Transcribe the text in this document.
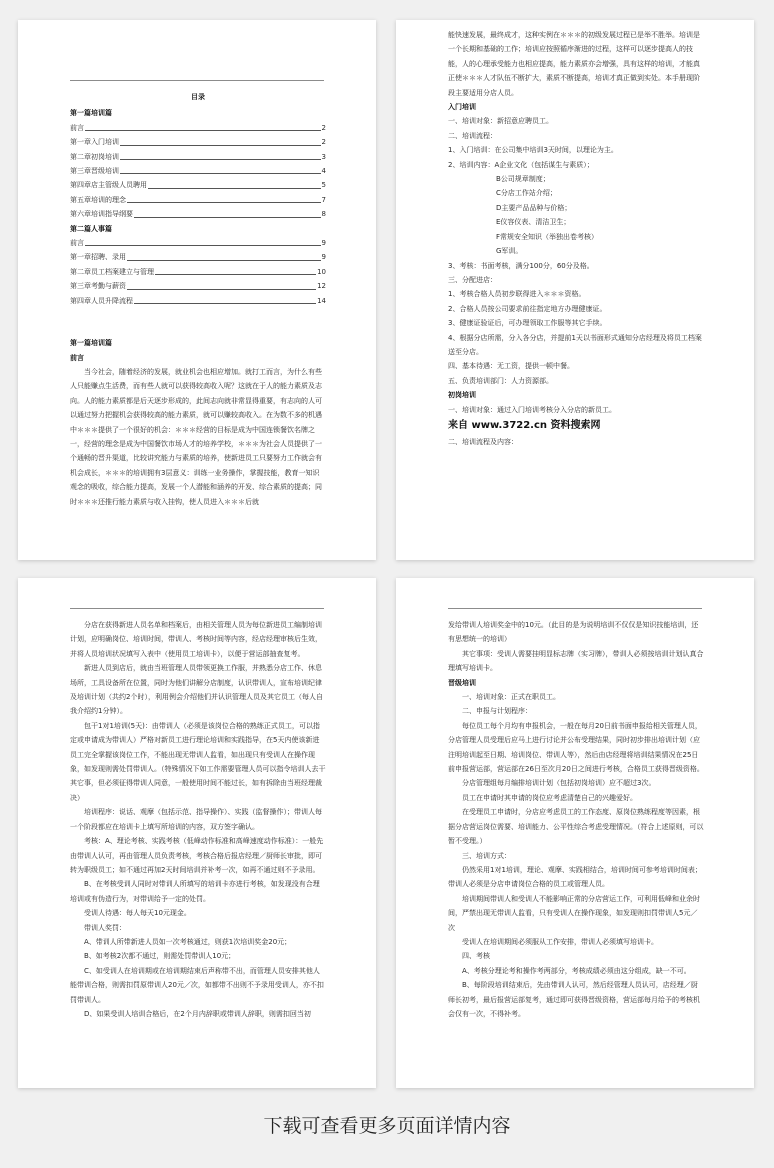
目录

第一篇培训篇

前言	2
第一章入门培训	2
第二章初岗培训	3
第三章晋级培训	4
第四章店主管级人员聘用	5
第五章培训的理念	7
第六章培训指导纲要	8

第二篇人事篇

前言	9
第一章招聘、录用	9
第二章员工档案建立与管理	10
第三章考勤与薪资	12
第四章人员升降流程	14

第一篇培训篇

前言

当今社会，随着经济的发展，就业机会也相应增加。就打工而言，为什么有些人只能赚点生活费，而有些人就可以获得较高收入呢？这就在于人的能力素质及志向。人的能力素质都是后天逐步形成的，此间志向就非常显得重要，有志向的人可以通过努力把握机会获得较高的能力素质，就可以赚较高收入。在为数不多的机遇中＊＊＊提供了一个很好的机会：＊＊＊经营的目标是成为中国连锁餐饮名牌之一，经营的理念是成为中国餐饮市场人才的培养学校，＊＊＊为社会人员提供了一个通畅的晋升渠道，比较讲究能力与素质的培养，使新进员工只要努力工作就会有机会成长，＊＊＊的培训拥有3层意义：训练一业务操作，掌握技能，教育一知识观念的吸收，综合能力提高，发展一个人潜能和涵养的开发、综合素质的提高；同时＊＊＊还推行能力素质与收入挂钩，使人员进入＊＊＊后就

能快速发展，最终成才，这种实例在＊＊＊的初级发展过程已是举不胜举。培训是一个长期和基础的工作；培训应按照循序渐进的过程，这样可以逐步提高人的技能，人的心理承受能力也相应提高，能力素质亦会增强，具有这样的培训，才能真正使＊＊＊人才队伍不断扩大，素质不断提高，培训才真正做到实处。本手册现阶段主要适用分店人员。

入门培训

一、培训对象：新招意应聘员工。

二、培训流程：

1、入门培训：在公司集中培训3天时间，以理论为主。

2、培训内容：A企业文化（包括谋生与素质）；

B公司规章制度；

C分店工作站介绍；

D主要产品品种与价格；

E仪容仪表、清洁卫生；

F常规安全知识（举独出卷考核）

G军训。

3、考核：书面考核，满分100分，60分及格。

三、分配进店：

1、考核合格人员初步联得进入＊＊＊资格。

2、合格人员按公司要求前往指定地方办理健康证。

3、健康证验证后，可办理领取工作服等其它手续。

4、根据分店所需，分入各分店，并提前1天以书面形式通知分店经理及将员工档案送至分店。

四、基本待遇：无工资，提供一顿中餐。

五、负责培训部门：人力资源部。

初岗培训

一、培训对象：通过入门培训考核分入分店的新员工。

来自 www.3722.cn 资料搜索网

二、培训流程及内容：

分店在获得新进人员名单和档案后，由相关管理人员为每位新进员工编制培训计划，应明确岗位、培训时间，带训人、考核时间等内容，经店经理审核后生效，并将人员培训状况填写入表中（使用员工培训卡），以便于营运部抽查复考。

新进人员到店后，就由当班管理人员带领更换工作服，并熟悉分店工作、休息场所，工具设备所在位置，同时为他们讲解分店制度，认识带训人，宣布培训纪律及培训计划（共约2个时），利用例会介绍他们并认识管理人员及其它员工（每人自我介绍约1分钟）。

包干1对1培训(5天)：由带训人（必须是该岗位合格的熟练正式员工，可以指定或申请成为带训人）严格对新员工进行理论培训和实践指导，在5天内使该新进员工完全掌握该岗位工作，不能出现无带训人监看，如出现只有受训人在操作现象，如发现则需处罚带训人。（特殊情况下如工作需要管理人员可以指令培训人去干其它事，但必须征得带训人同意，一般使用时间不能过长，如有拆除由当班经理裁决）

培训程序：说话、观摩（包括示范、指导操作）、实践（监督操作）；带训人每一个阶段都应在培训卡上填写所培训的内容，双方签字确认。

考核：A、理论考核、实践考核（低峰动作标准和高峰速度动作标准）：一般先由带训人认可，再由管理人员负责考核，考核合格后报店经理／厨师长审批，即可转为职级员工；如不通过再加2天时间培训并补考一次，如再不通过则不予录用。

B、在考核受训人同时对带训人所填写的培训卡亦进行考核，如发现没有合理培训或有伪造行为，对带训给予一定的处罚。

受训人待遇：每人每天10元现金。

带训人奖罚：

A、带训人所带新进人员如一次考核通过，则获1次培训奖金20元；

B、如考核2次都不通过，则需处罚带训人10元；

C、如受训人在培训期或在培训期结束后声称带不出，而管理人员安排其他人能带训合格，则需扣罚原带训人20元／次，如都带不出则不予录用受训人，亦不扣罚带训人。

D、如果受训人培训合格后，在2个月内辞职或带训人辞职，则需扣回当初

发给带训人培训奖金中的10元。（此目的是为说明培训不仅仅是知识技能培训，还有思想统一的培训）

其它事项：受训人需要挂明显标志牌（实习牌），带训人必须按培训计划认真合理填写培训卡。

晋级培训

一、培训对象：正式在职员工。

二、申报与计划程序：

每位员工每个月均有申报机会，一般在每月20日前书面申报给相关管理人员，分店管理人员受理后应马上进行讨论并公布受理结果，同时初步排出培训计划（应注明培训起至日期、培训岗位、带训人等），然后由店经理将培训结果情况在25日前申报营运部，营运部在26日至次月20日之间进行考核，合格员工获得晋级资格。

分店管理组每月编排培训计划（包括初岗培训）应不超过3次。

员工在申请时其申请的岗位应考虑清楚自己的兴趣爱好。

在受理员工申请时，分店应考虑员工的工作态度、原岗位熟练程度等因素，根据分店营运岗位需要、培训能力、公平性综合考虑受理情况。（符合上述原则，可以暂不受理。）

三、培训方式：

仍然采用1对1培训，理论、观摩、实践相结合，培训时间可参考培训时间表；带训人必须是分店申请岗位合格的员工或管理人员。

培训期间带训人和受训人不能影响正常的分店营运工作，可利用低峰和业余时间，严禁出现无带训人监看，只有受训人在操作现象，如发现则扣罚带训人5元／次

受训人在培训期间必须服从工作安排，带训人必须填写培训卡。

四、考核

A、考核分理论考和操作考两部分，考核成绩必须由这分组成，缺一不可。

B、每阶段培训结束后，先由带训人认可，然后经管理人员认可，店经理／厨师长初考，最后报营运部复考，通过即可获得晋级资格，营运部每月给予的考核机会仅有一次，不得补考。

下载可查看更多页面详情内容
